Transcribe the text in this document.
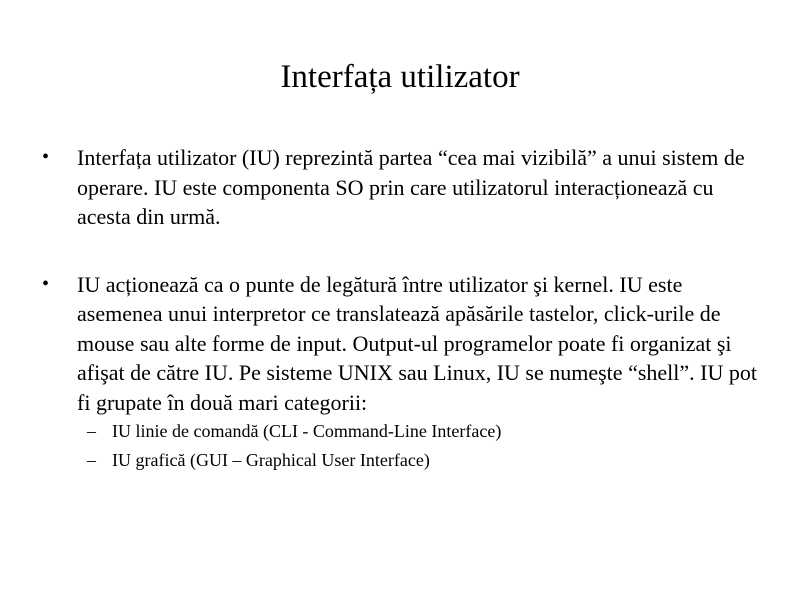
Interfața utilizator
• Interfața utilizator (IU) reprezintă partea “cea mai vizibilă” a unui sistem de operare. IU este componenta SO prin care utilizatorul interacționează cu acesta din urmă.
• IU acționează ca o punte de legătură între utilizator şi kernel. IU este asemenea unui interpretor ce translatează apăsările tastelor, click-urile de mouse sau alte forme de input. Output-ul programelor poate fi organizat şi afişat de către IU. Pe sisteme UNIX sau Linux, IU se numeşte “shell”. IU pot fi grupate în două mari categorii:
– IU linie de comandă (CLI - Command-Line Interface)
– IU grafică (GUI – Graphical User Interface)
